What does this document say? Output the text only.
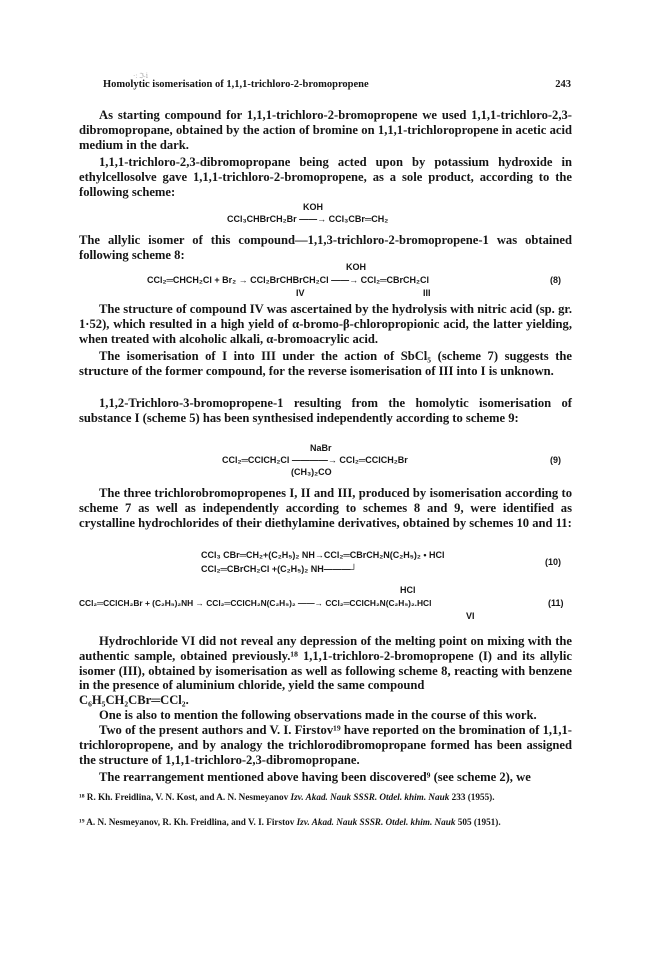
·: ℑ⸳ⅰ
Homolytic isomerisation of 1,1,1-trichloro-2-bromopropene	243
As starting compound for 1,1,1-trichloro-2-bromopropene we used 1,1,1-trichloro-2,3-dibromopropane, obtained by the action of bromine on 1,1,1-trichloropropene in acetic acid medium in the dark.
1,1,1-trichloro-2,3-dibromopropane being acted upon by potassium hydroxide in ethylcellosolve gave 1,1,1-trichloro-2-bromopropene, as a sole product, according to the following scheme:
KOH
CCl₃CHBrCH₂Br ——→ CCl₃CBr═CH₂
The allylic isomer of this compound—1,1,3-trichloro-2-bromopropene-1 was obtained following scheme 8:
KOH
CCl₂═CHCH₂Cl + Br₂ → CCl₂BrCHBrCH₂Cl ——→ CCl₂═CBrCH₂Cl	(8)
IV	III
The structure of compound IV was ascertained by the hydrolysis with nitric acid (sp. gr. 1·52), which resulted in a high yield of α-bromo-β-chloropropionic acid, the latter yielding, when treated with alcoholic alkali, α-bromoacrylic acid.
The isomerisation of I into III under the action of SbCl₅ (scheme 7) suggests the structure of the former compound, for the reverse isomerisation of III into I is unknown.
1,1,2-Trichloro-3-bromopropene-1 resulting from the homolytic isomerisation of substance I (scheme 5) has been synthesised independently according to scheme 9:
NaBr
CCl₂═CClCH₂Cl ————→ CCl₂═CClCH₂Br
(CH₃)₂CO
(9)
The three trichlorobromopropenes I, II and III, produced by isomerisation according to scheme 7 as well as independently according to schemes 8 and 9, were identified as crystalline hydrochlorides of their diethylamine derivatives, obtained by schemes 10 and 11:
CCl₃ CBr═CH₂+(C₂H₅)₂ NH→CCl₂═CBrCH₂N(C₂H₅)₂ • HCl
CCl₂═CBrCH₂Cl +(C₂H₅)₂ NH———┘
(10)
HCl
CCl₂═CClCH₂Br + (C₂H₅)₂NH → CCl₂═CClCH₂N(C₂H₅)₂ ——→ CCl₂═CClCH₂N(C₂H₅)₂.HCl	(11)
VI
Hydrochloride VI did not reveal any depression of the melting point on mixing with the authentic sample, obtained previously.¹⁸ 1,1,1-trichloro-2-bromopropene (I) and its allylic isomer (III), obtained by isomerisation as well as following scheme 8, reacting with benzene in the presence of aluminium chloride, yield the same compound
C₆H₅CH₂CBr═CCl₂.
One is also to mention the following observations made in the course of this work.
Two of the present authors and V. I. Firstov¹⁹ have reported on the bromination of 1,1,1-trichloropropene, and by analogy the trichlorodibromopropane formed has been assigned the structure of 1,1,1-trichloro-2,3-dibromopropane.
The rearrangement mentioned above having been discovered⁹ (see scheme 2), we
¹⁸ R. Kh. Freidlina, V. N. Kost, and A. N. Nesmeyanov Izv. Akad. Nauk SSSR. Otdel. khim. Nauk 233 (1955).
¹⁹ A. N. Nesmeyanov, R. Kh. Freidlina, and V. I. Firstov Izv. Akad. Nauk SSSR. Otdel. khim. Nauk 505 (1951).
